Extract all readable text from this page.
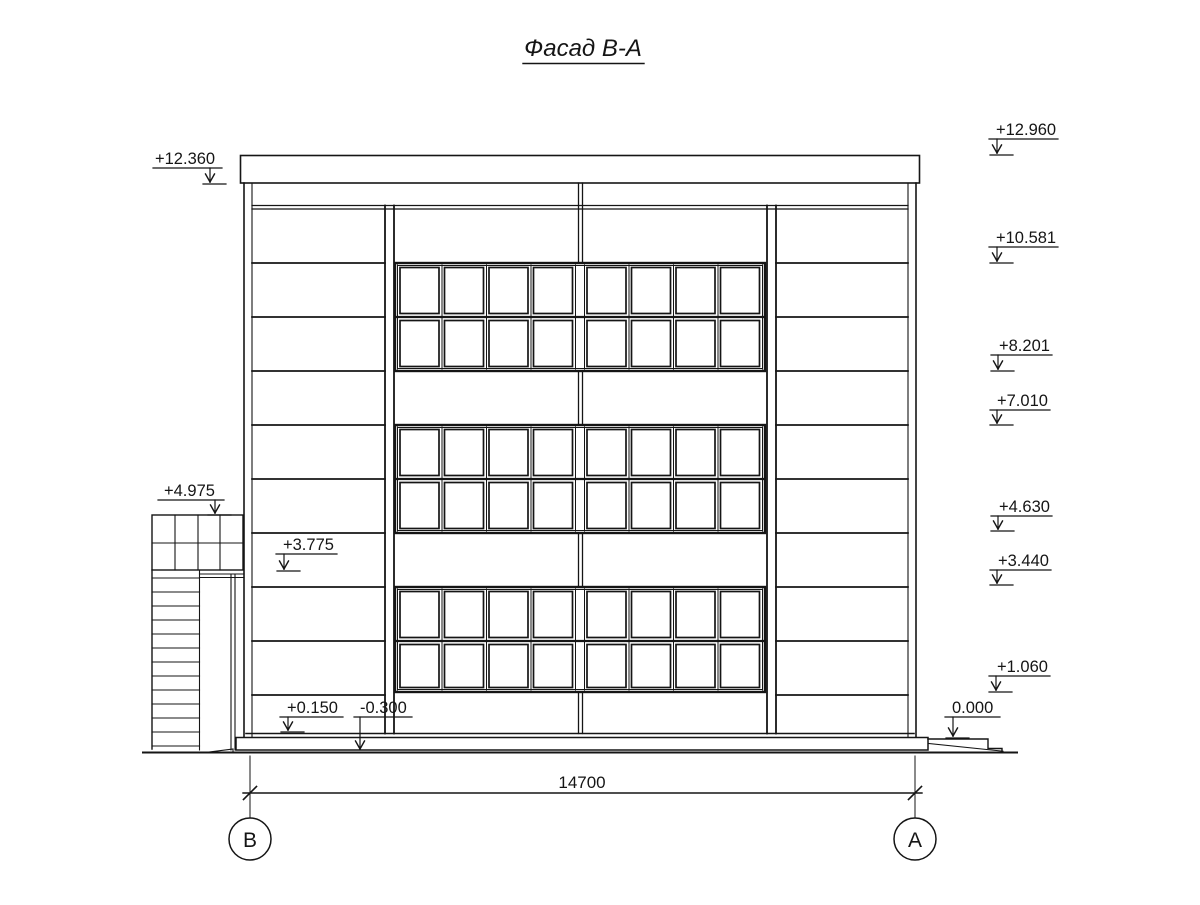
+12.360
+4.975
+3.775
+0.150 -0.300	0.000
+12.960
+10.581
+8.201
+7.010
+4.630
+3.440
+1.060
Фасад В-А
14700
В	А
